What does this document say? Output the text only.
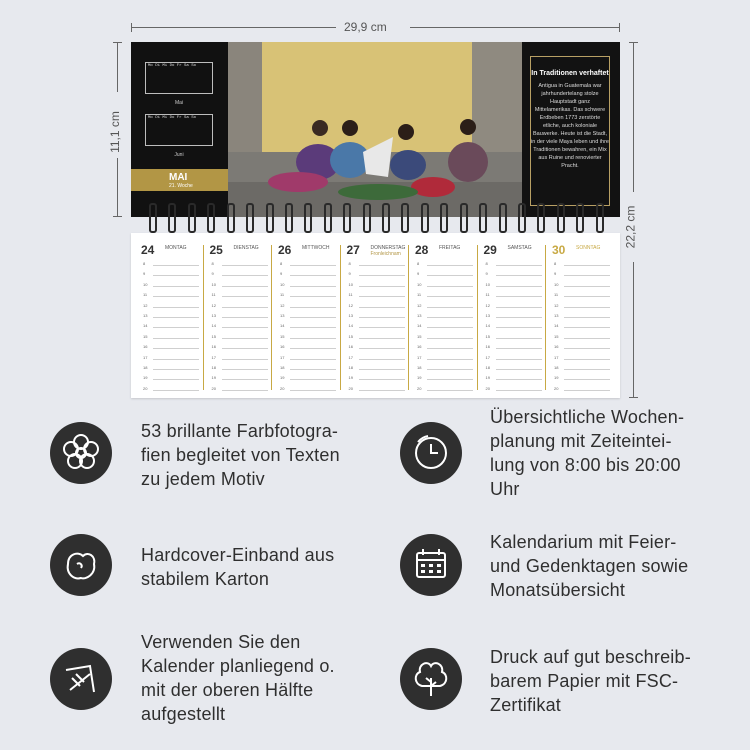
29,9 cm
11,1 cm
22,2 cm
Mo Di Mi Do Fr Sa So
Mai
Mo Di Mi Do Fr Sa So
Juni
MAI
21. Woche
In Traditionen verhaftet
Antigua in Guatemala war jahrhundertelang stolze Hauptstadt ganz Mittelamerikas. Das schwere Erdbeben 1773 zerstörte etliche, auch koloniale Bauwerke. Heute ist die Stadt, in der viele Maya leben und ihre Traditionen bewahren, ein Mix aus Ruine und renovierter Pracht.
24 MONTAG
8
9
10
11
12
13
14
15
16
17
18
19
20
25 DIENSTAG
8
9
10
11
12
13
14
15
16
17
18
19
20
26 MITTWOCH
8
9
10
11
12
13
14
15
16
17
18
19
20
27 DONNERSTAG
Fronleichnam
8
9
10
11
12
13
14
15
16
17
18
19
20
28 FREITAG
8
9
10
11
12
13
14
15
16
17
18
19
20
29 SAMSTAG
8
9
10
11
12
13
14
15
16
17
18
19
20
30 SONNTAG
8
9
10
11
12
13
14
15
16
17
18
19
20
53 brillante Farbfotogra-
fien begleitet von Texten
zu jedem Motiv
Übersichtliche Wochen-
planung mit Zeiteintei-
lung von 8:00 bis 20:00
Uhr
Hardcover-Einband aus
stabilem Karton
Kalendarium mit Feier-
und Gedenktagen sowie
Monatsübersicht
Verwenden Sie den
Kalender planliegend o.
mit der oberen Hälfte
aufgestellt
Druck auf gut beschreib-
barem Papier mit FSC-
Zertifikat
